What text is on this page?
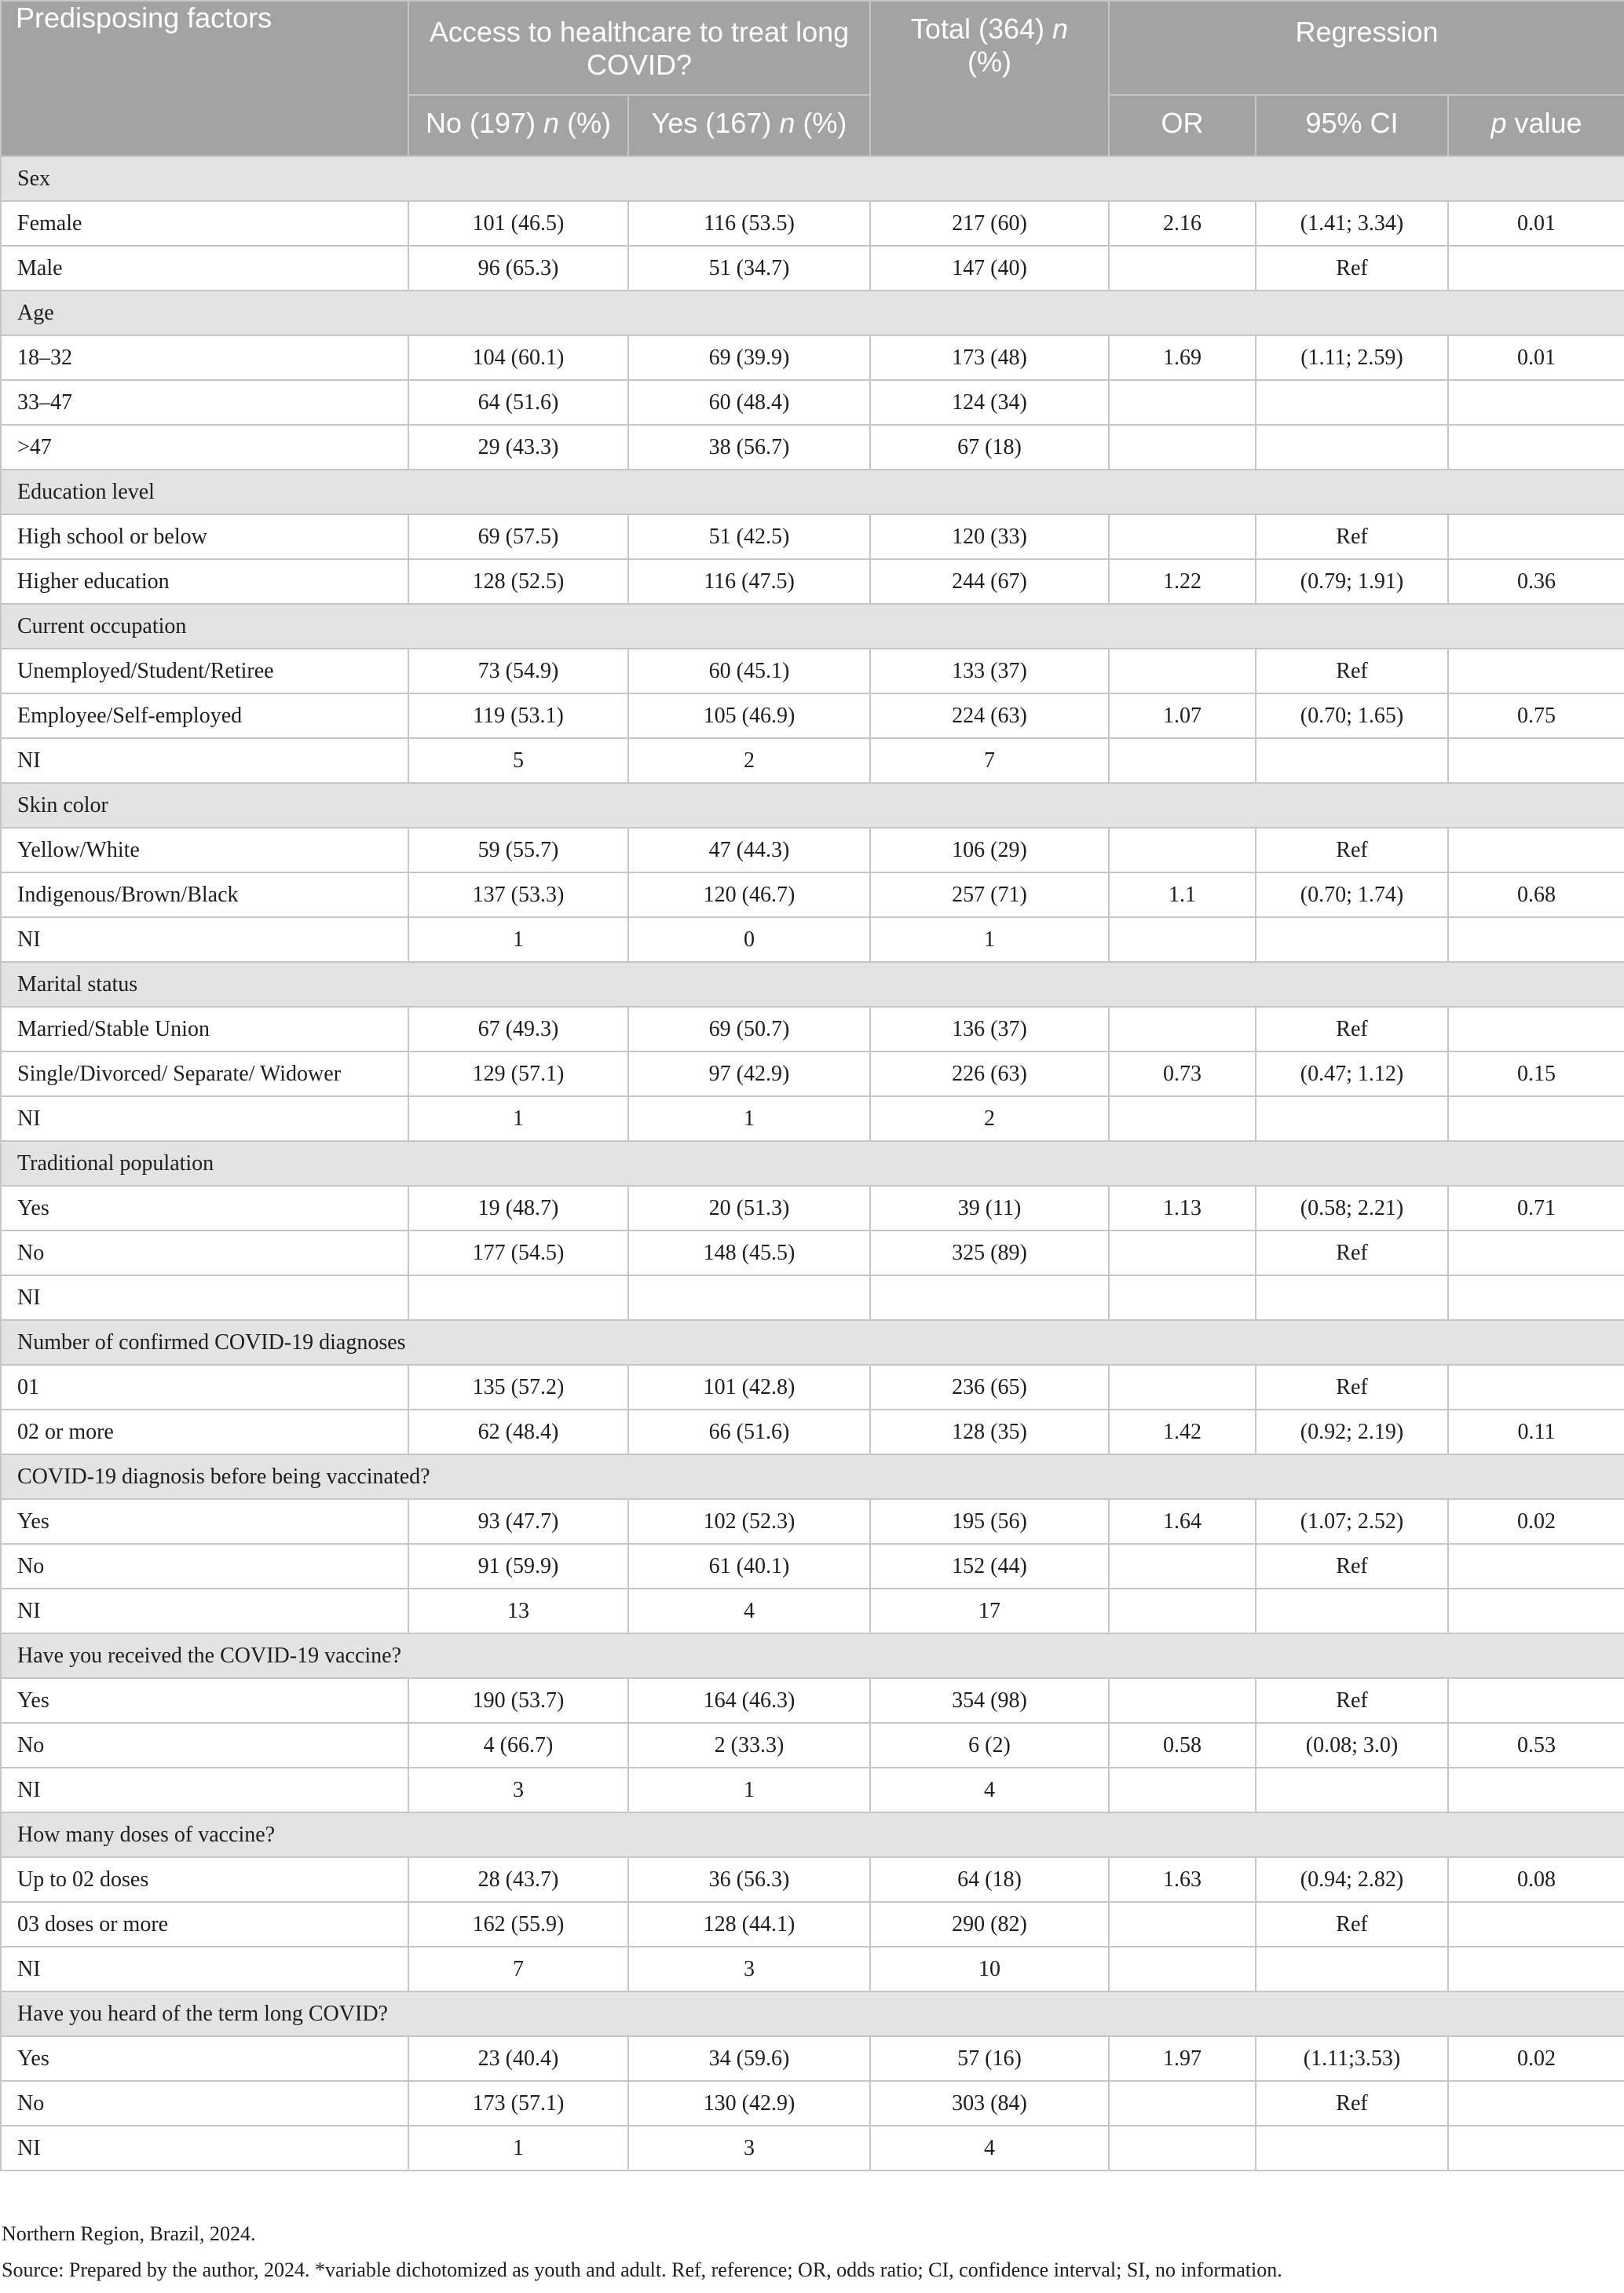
Predisposing factors	Access to healthcare to treat long COVID?		Total (364) n
(%)	Regression		
	No (197) n (%)	Yes (167) n (%)		OR	95% CI	p value
Sex						
Female	101 (46.5)	116 (53.5)	217 (60)	2.16	(1.41; 3.34)	0.01
Male	96 (65.3)	51 (34.7)	147 (40)		Ref	
Age						
18–32	104 (60.1)	69 (39.9)	173 (48)	1.69	(1.11; 2.59)	0.01
33–47	64 (51.6)	60 (48.4)	124 (34)			
>47	29 (43.3)	38 (56.7)	67 (18)			
Education level						
High school or below	69 (57.5)	51 (42.5)	120 (33)		Ref	
Higher education	128 (52.5)	116 (47.5)	244 (67)	1.22	(0.79; 1.91)	0.36
Current occupation						
Unemployed/Student/Retiree	73 (54.9)	60 (45.1)	133 (37)		Ref	
Employee/Self-employed	119 (53.1)	105 (46.9)	224 (63)	1.07	(0.70; 1.65)	0.75
NI	5	2	7			
Skin color						
Yellow/White	59 (55.7)	47 (44.3)	106 (29)		Ref	
Indigenous/Brown/Black	137 (53.3)	120 (46.7)	257 (71)	1.1	(0.70; 1.74)	0.68
NI	1	0	1			
Marital status						
Married/Stable Union	67 (49.3)	69 (50.7)	136 (37)		Ref	
Single/Divorced/ Separate/ Widower	129 (57.1)	97 (42.9)	226 (63)	0.73	(0.47; 1.12)	0.15
NI	1	1	2			
Traditional population						
Yes	19 (48.7)	20 (51.3)	39 (11)	1.13	(0.58; 2.21)	0.71
No	177 (54.5)	148 (45.5)	325 (89)		Ref	
NI						
Number of confirmed COVID-19 diagnoses						
01	135 (57.2)	101 (42.8)	236 (65)		Ref	
02 or more	62 (48.4)	66 (51.6)	128 (35)	1.42	(0.92; 2.19)	0.11
COVID-19 diagnosis before being vaccinated?						
Yes	93 (47.7)	102 (52.3)	195 (56)	1.64	(1.07; 2.52)	0.02
No	91 (59.9)	61 (40.1)	152 (44)		Ref	
NI	13	4	17			
Have you received the COVID-19 vaccine?						
Yes	190 (53.7)	164 (46.3)	354 (98)		Ref	
No	4 (66.7)	2 (33.3)	6 (2)	0.58	(0.08; 3.0)	0.53
NI	3	1	4			
How many doses of vaccine?						
Up to 02 doses	28 (43.7)	36 (56.3)	64 (18)	1.63	(0.94; 2.82)	0.08
03 doses or more	162 (55.9)	128 (44.1)	290 (82)		Ref	
NI	7	3	10			
Have you heard of the term long COVID?						
Yes	23 (40.4)	34 (59.6)	57 (16)	1.97	(1.11;3.53)	0.02
No	173 (57.1)	130 (42.9)	303 (84)		Ref	
NI	1	3	4			
Northern Region, Brazil, 2024.
Source: Prepared by the author, 2024. *variable dichotomized as youth and adult. Ref, reference; OR, odds ratio; CI, confidence interval; SI, no information.
